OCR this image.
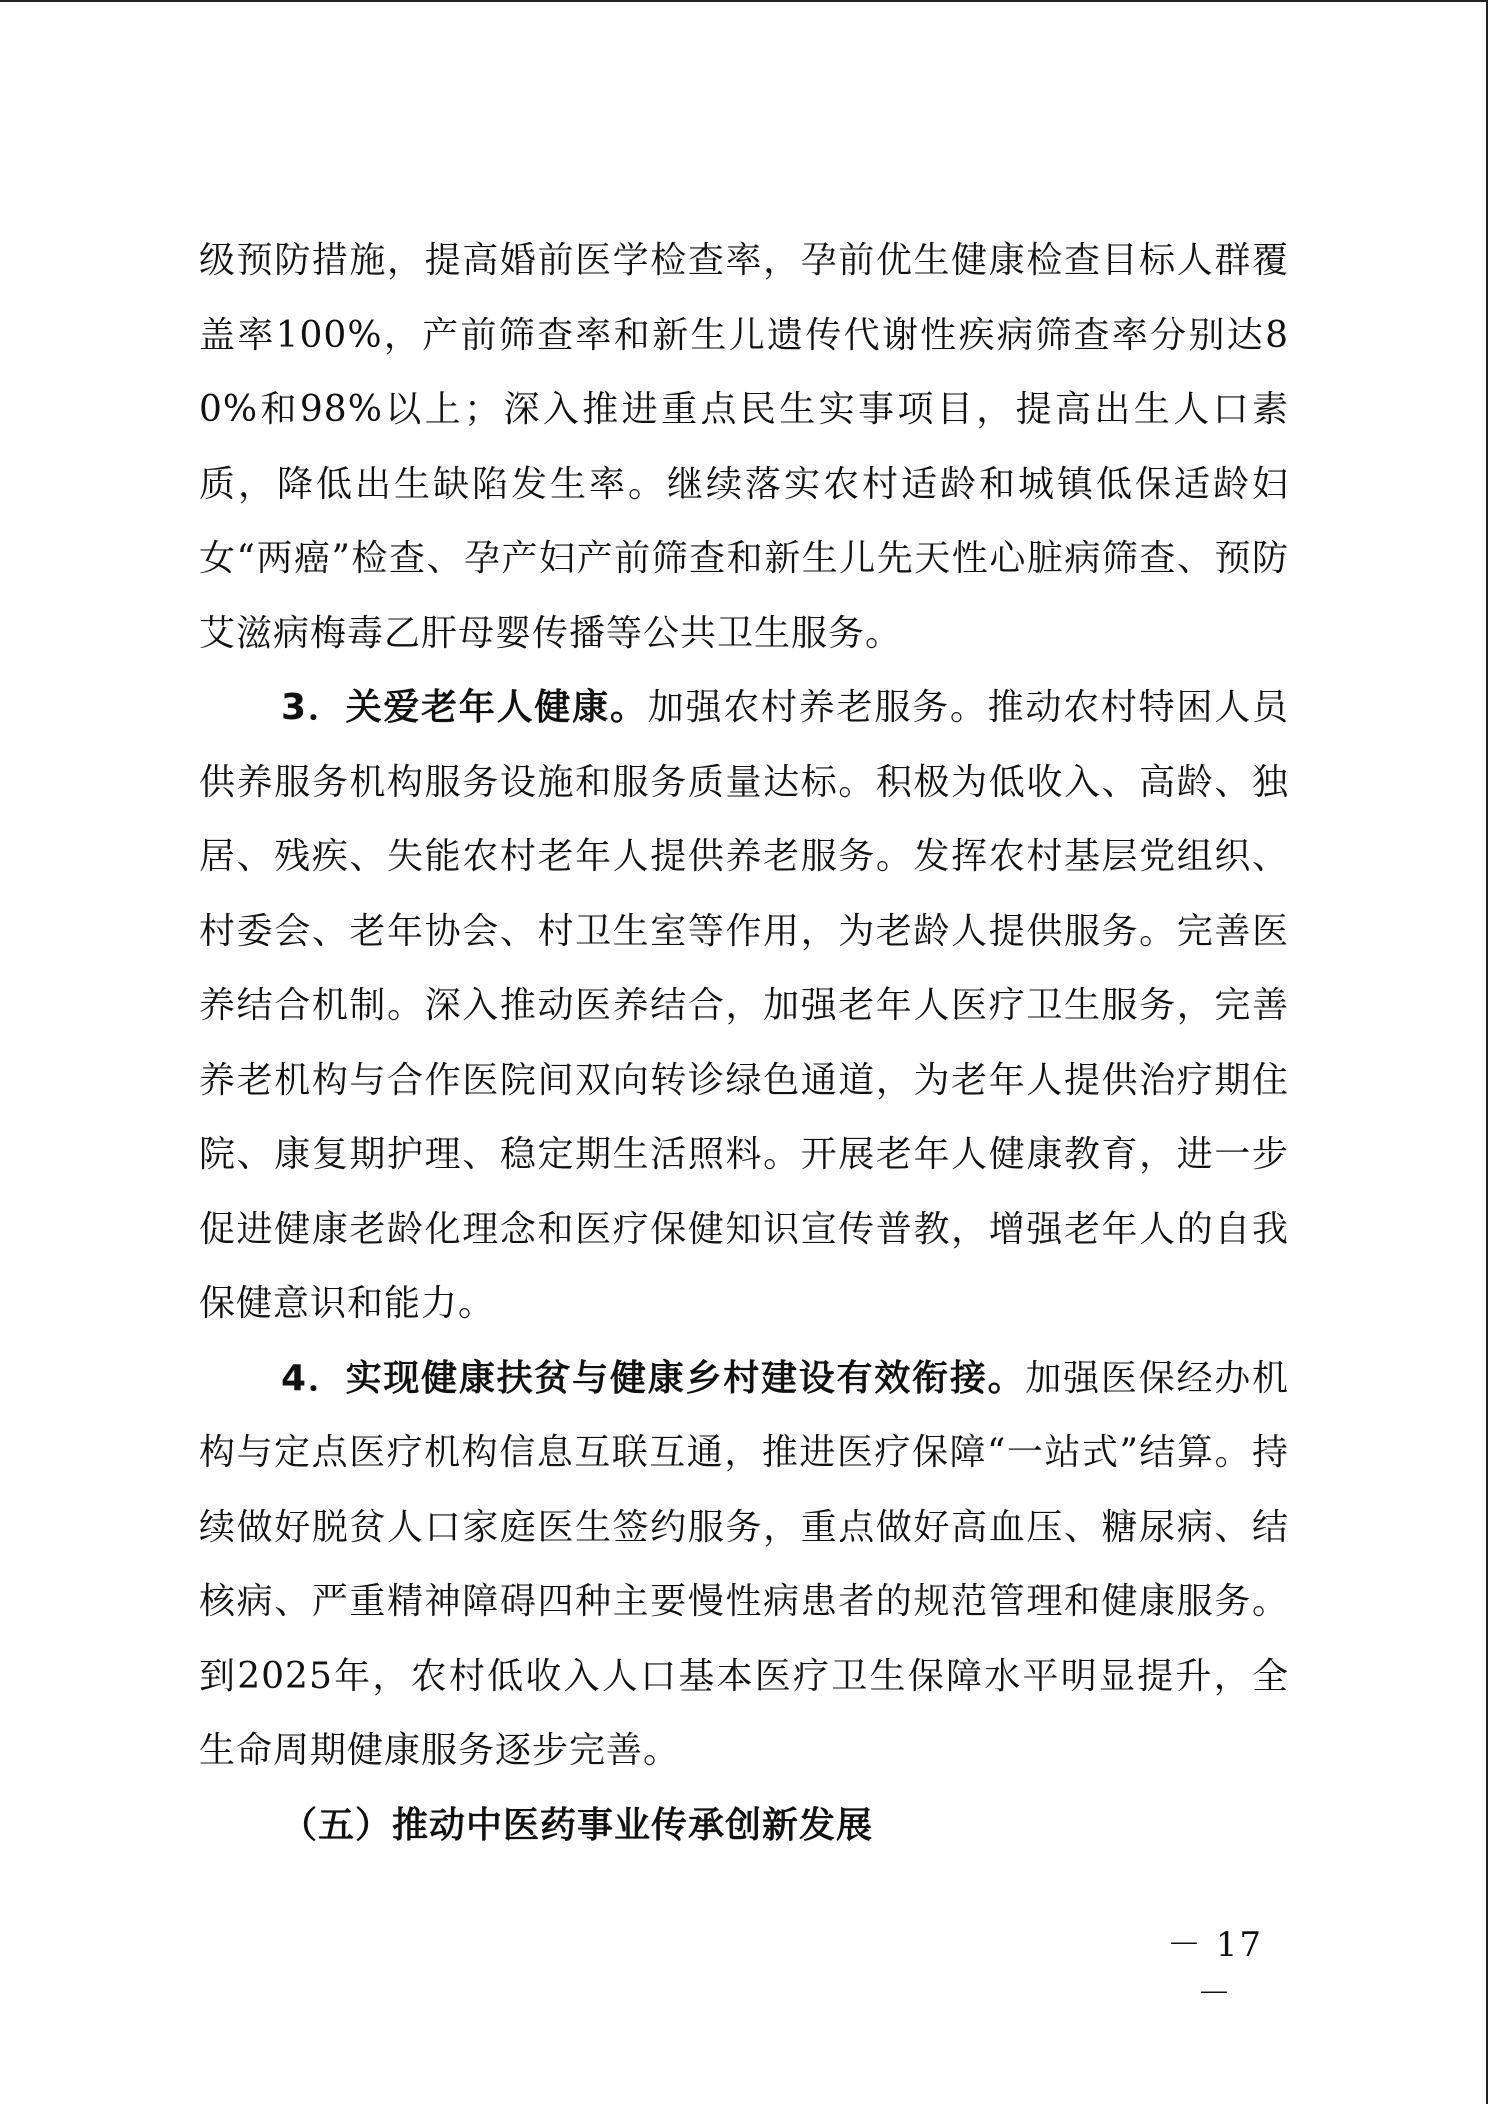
级预防措施，提高婚前医学检查率，孕前优生健康检查目标人群覆盖率100%，产前筛查率和新生儿遗传代谢性疾病筛查率分别达80%和98%以上；深入推进重点民生实事项目，提高出生人口素质，降低出生缺陷发生率。继续落实农村适龄和城镇低保适龄妇女“两癌”检查、孕产妇产前筛查和新生儿先天性心脏病筛查、预防艾滋病梅毒乙肝母婴传播等公共卫生服务。

3．关爱老年人健康。加强农村养老服务。推动农村特困人员供养服务机构服务设施和服务质量达标。积极为低收入、高龄、独居、残疾、失能农村老年人提供养老服务。发挥农村基层党组织、村委会、老年协会、村卫生室等作用，为老龄人提供服务。完善医养结合机制。深入推动医养结合，加强老年人医疗卫生服务，完善养老机构与合作医院间双向转诊绿色通道，为老年人提供治疗期住院、康复期护理、稳定期生活照料。开展老年人健康教育，进一步促进健康老龄化理念和医疗保健知识宣传普教，增强老年人的自我保健意识和能力。

4．实现健康扶贫与健康乡村建设有效衔接。加强医保经办机构与定点医疗机构信息互联互通，推进医疗保障“一站式”结算。持续做好脱贫人口家庭医生签约服务，重点做好高血压、糖尿病、结核病、严重精神障碍四种主要慢性病患者的规范管理和健康服务。到2025年，农村低收入人口基本医疗卫生保障水平明显提升，全生命周期健康服务逐步完善。

（五）推动中医药事业传承创新发展

－ 17 －
